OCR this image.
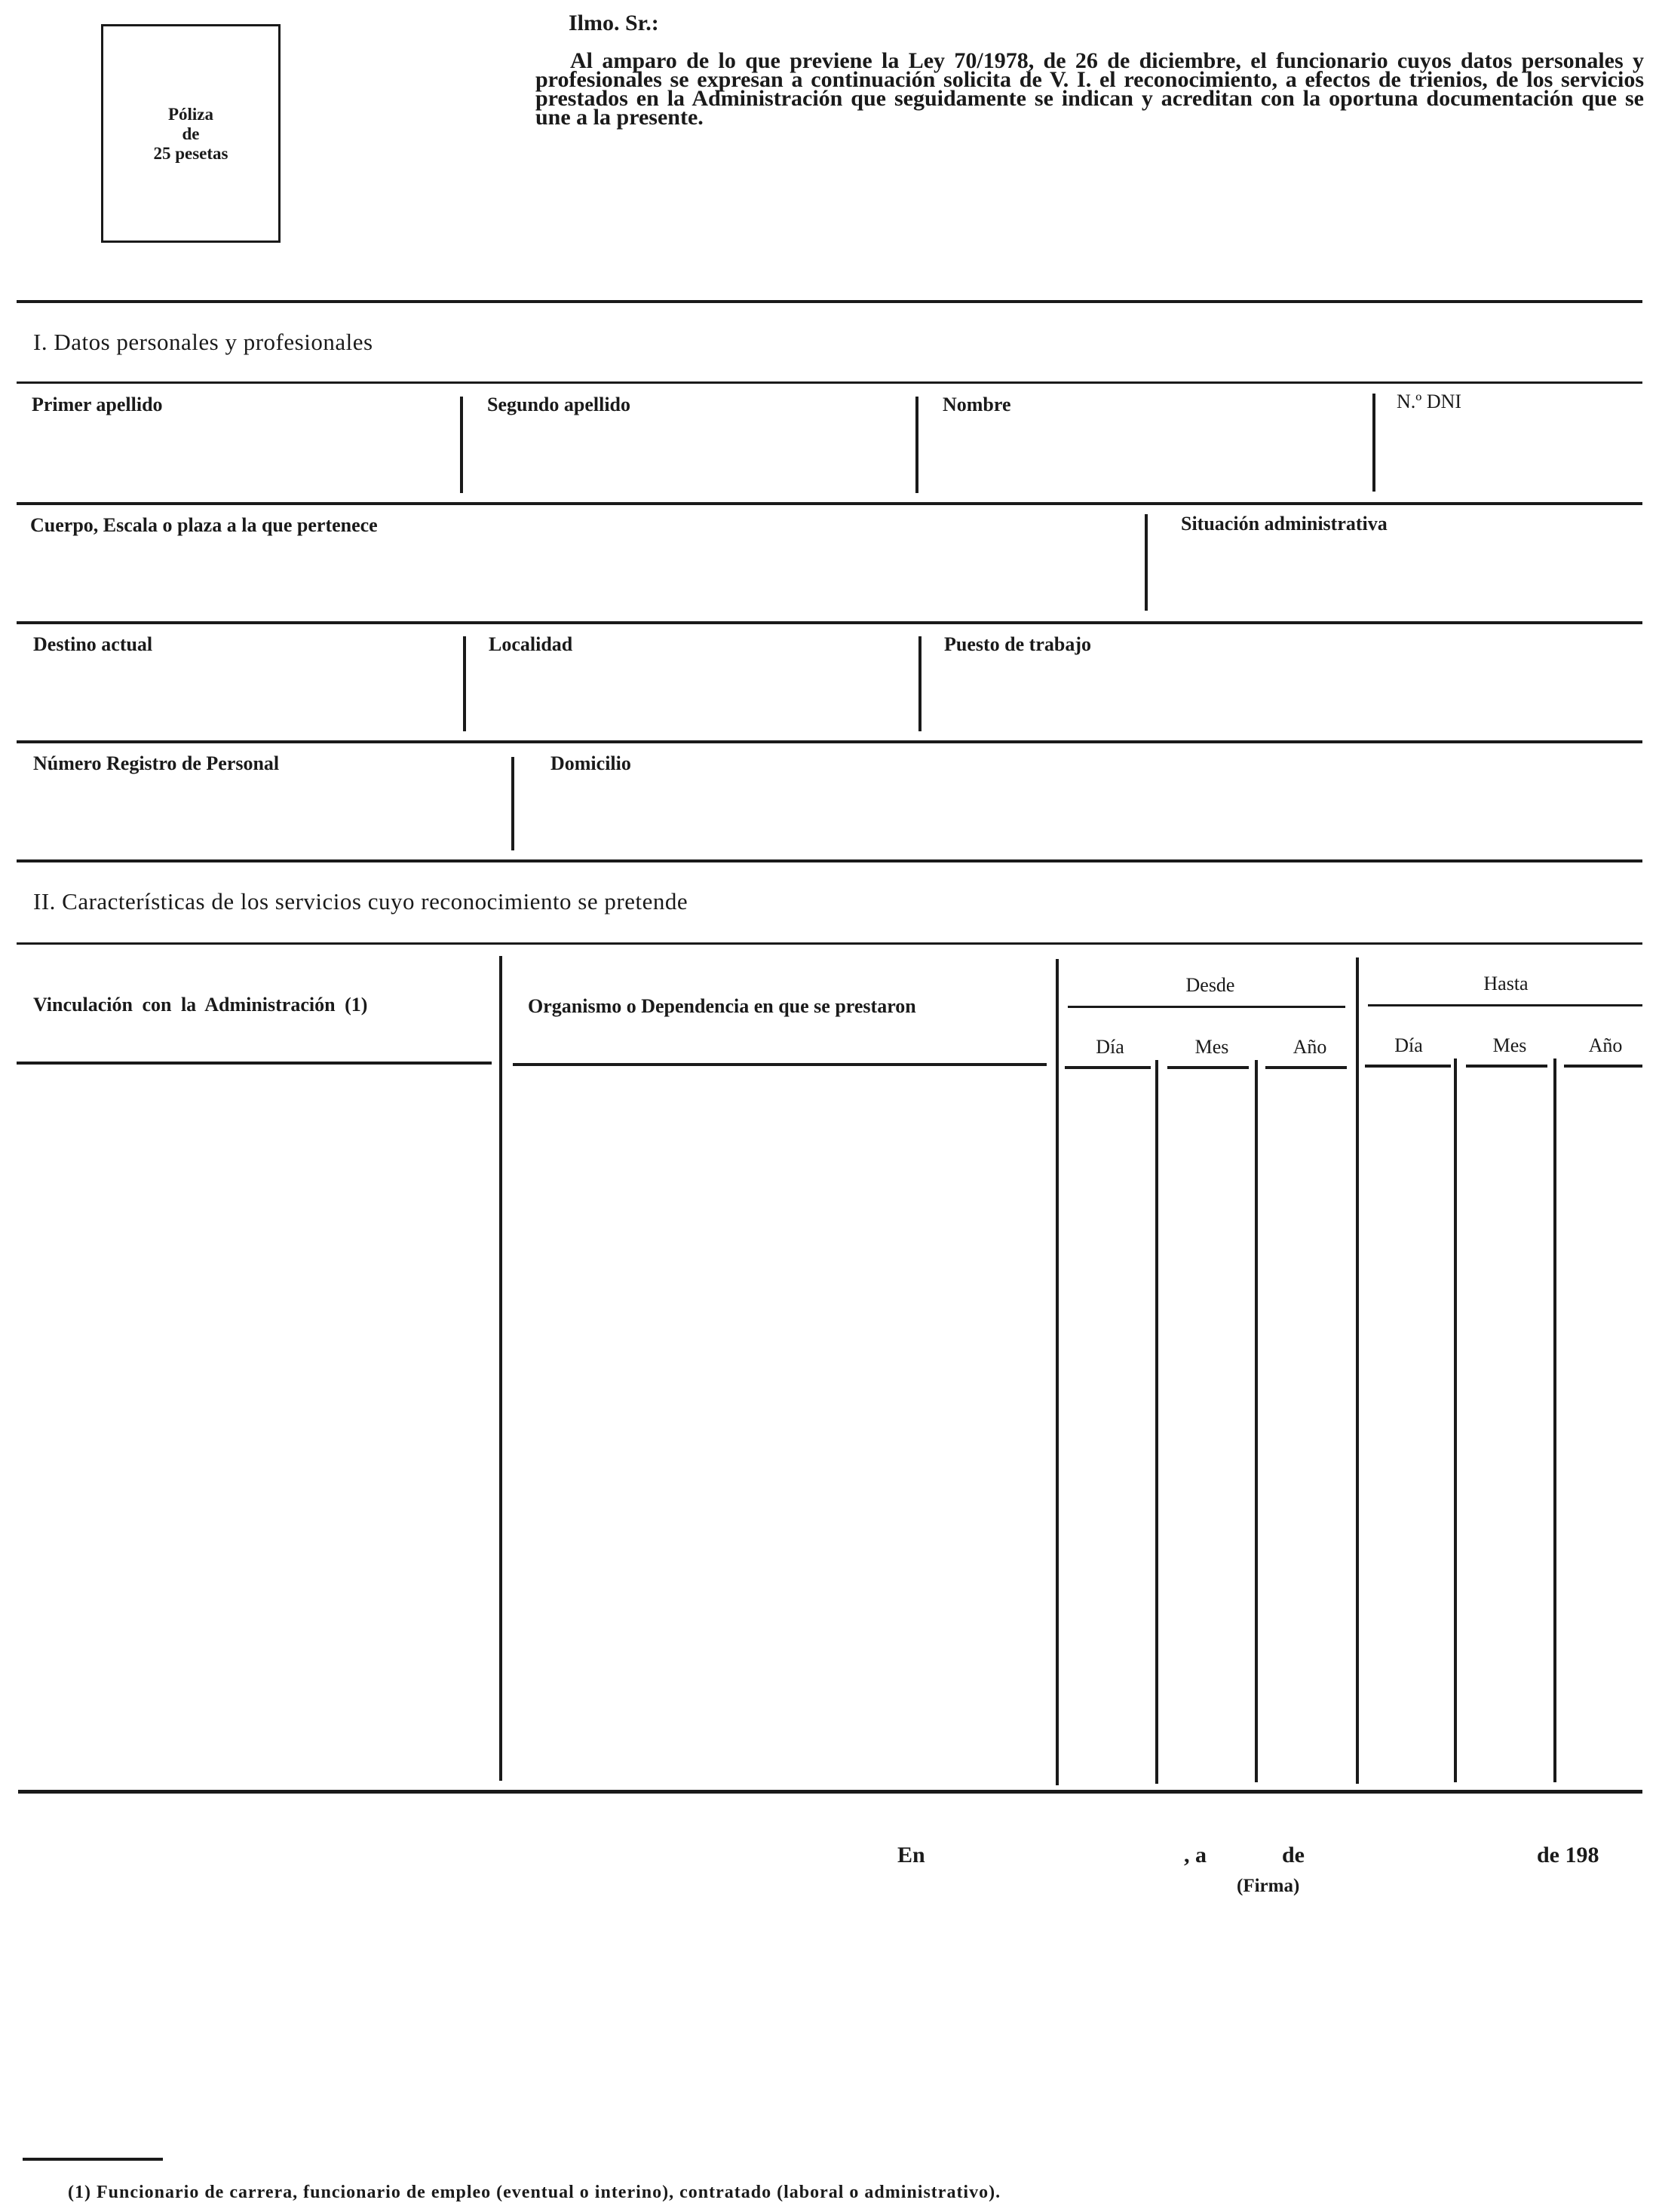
Póliza
de
25 pesetas
Ilmo. Sr.:
Al amparo de lo que previene la Ley 70/1978, de 26 de diciembre, el funcionario cuyos datos personales y profesionales se expresan a continuación solicita de V. I. el reconocimiento, a efectos de trienios, de los servicios prestados en la Administración que seguidamente se indican y acreditan con la oportuna documentación que se une a la presente.
I. Datos personales y profesionales
Primer apellido	Segundo apellido	Nombre	N.º DNI
Cuerpo, Escala o plaza a la que pertenece	Situación administrativa
Destino actual	Localidad	Puesto de trabajo
Número Registro de Personal	Domicilio
II. Características de los servicios cuyo reconocimiento se pretende
Vinculación con la Administración (1)	Organismo o Dependencia en que se prestaron
Desde
Día	Mes	Año
Hasta
Día	Mes	Año
En	, a	de	de 198
(Firma)
(1) Funcionario de carrera, funcionario de empleo (eventual o interino), contratado (laboral o administrativo).
